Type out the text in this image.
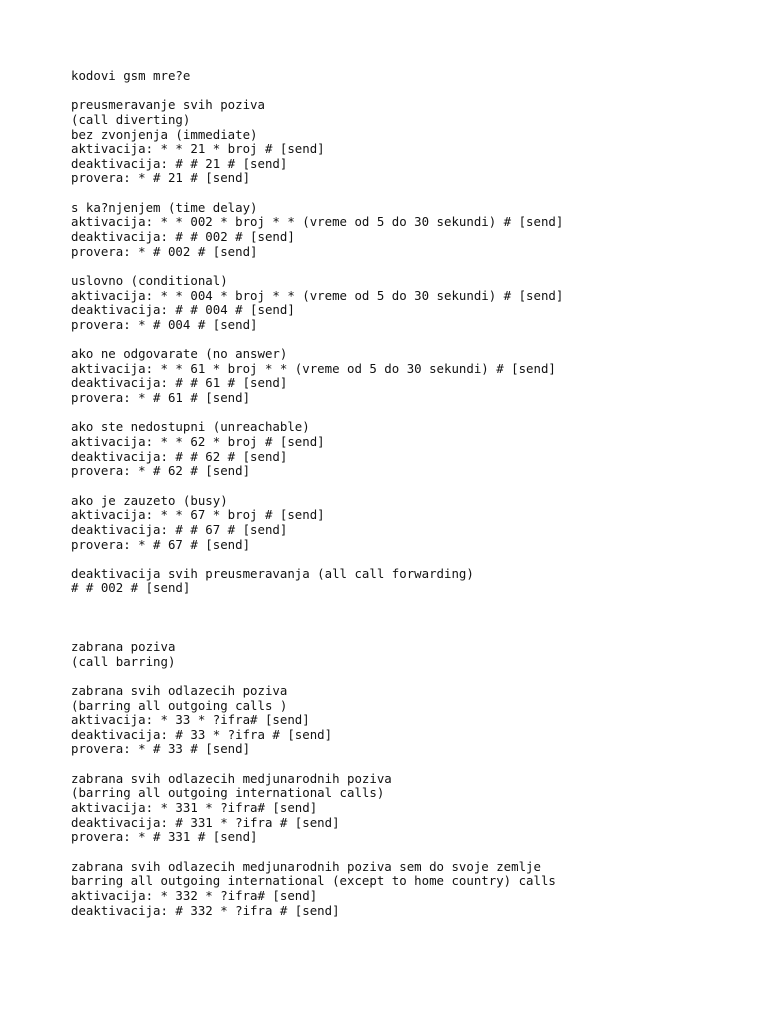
kodovi gsm mre?e
preusmeravanje svih poziva
(call diverting)
bez zvonjenja (immediate)
aktivacija: * * 21 * broj # [send]
deaktivacija: # # 21 # [send]
provera: * # 21 # [send]
s ka?njenjem (time delay)
aktivacija: * * 002 * broj * * (vreme od 5 do 30 sekundi) # [send]
deaktivacija: # # 002 # [send]
provera: * # 002 # [send]
uslovno (conditional)
aktivacija: * * 004 * broj * * (vreme od 5 do 30 sekundi) # [send]
deaktivacija: # # 004 # [send]
provera: * # 004 # [send]
ako ne odgovarate (no answer)
aktivacija: * * 61 * broj * * (vreme od 5 do 30 sekundi) # [send]
deaktivacija: # # 61 # [send]
provera: * # 61 # [send]
ako ste nedostupni (unreachable)
aktivacija: * * 62 * broj # [send]
deaktivacija: # # 62 # [send]
provera: * # 62 # [send]
ako je zauzeto (busy)
aktivacija: * * 67 * broj # [send]
deaktivacija: # # 67 # [send]
provera: * # 67 # [send]
deaktivacija svih preusmeravanja (all call forwarding)
# # 002 # [send]
zabrana poziva
(call barring)
zabrana svih odlazecih poziva
(barring all outgoing calls )
aktivacija: * 33 * ?ifra# [send]
deaktivacija: # 33 * ?ifra # [send]
provera: * # 33 # [send]
zabrana svih odlazecih medjunarodnih poziva
(barring all outgoing international calls)
aktivacija: * 331 * ?ifra# [send]
deaktivacija: # 331 * ?ifra # [send]
provera: * # 331 # [send]
zabrana svih odlazecih medjunarodnih poziva sem do svoje zemlje
barring all outgoing international (except to home country) calls
aktivacija: * 332 * ?ifra# [send]
deaktivacija: # 332 * ?ifra # [send]
